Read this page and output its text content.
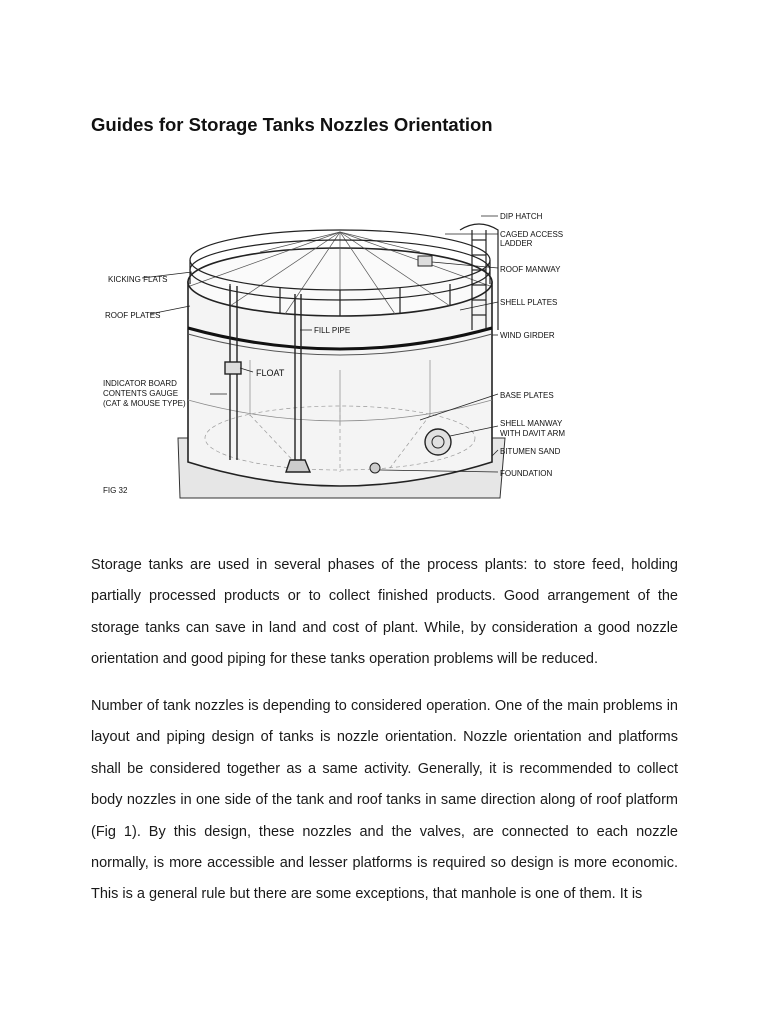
Guides for Storage Tanks Nozzles Orientation
DIP HATCH
CAGED ACCESS
LADDER
KICKING FLATS
ROOF MANWAY
ROOF PLATES
SHELL PLATES
FILL PIPE
WIND GIRDER
FLOAT
INDICATOR BOARD
CONTENTS GAUGE
(CAT & MOUSE TYPE)
BASE PLATES
SHELL MANWAY
WITH DAVIT ARM
BITUMEN SAND
FOUNDATION
FIG 32

Storage tanks are used in several phases of the process plants: to store feed, holding partially processed products or to collect finished products. Good arrangement of the storage tanks can save in land and cost of plant. While, by consideration a good nozzle orientation and good piping for these tanks operation problems will be reduced.

Number of tank nozzles is depending to considered operation. One of the main problems in layout and piping design of tanks is nozzle orientation. Nozzle orientation and platforms shall be considered together as a same activity. Generally, it is recommended to collect body nozzles in one side of the tank and roof tanks in same direction along of roof platform (Fig 1). By this design, these nozzles and the valves, are connected to each nozzle normally, is more accessible and lesser platforms is required so design is more economic. This is a general rule but there are some exceptions, that manhole is one of them. It is
